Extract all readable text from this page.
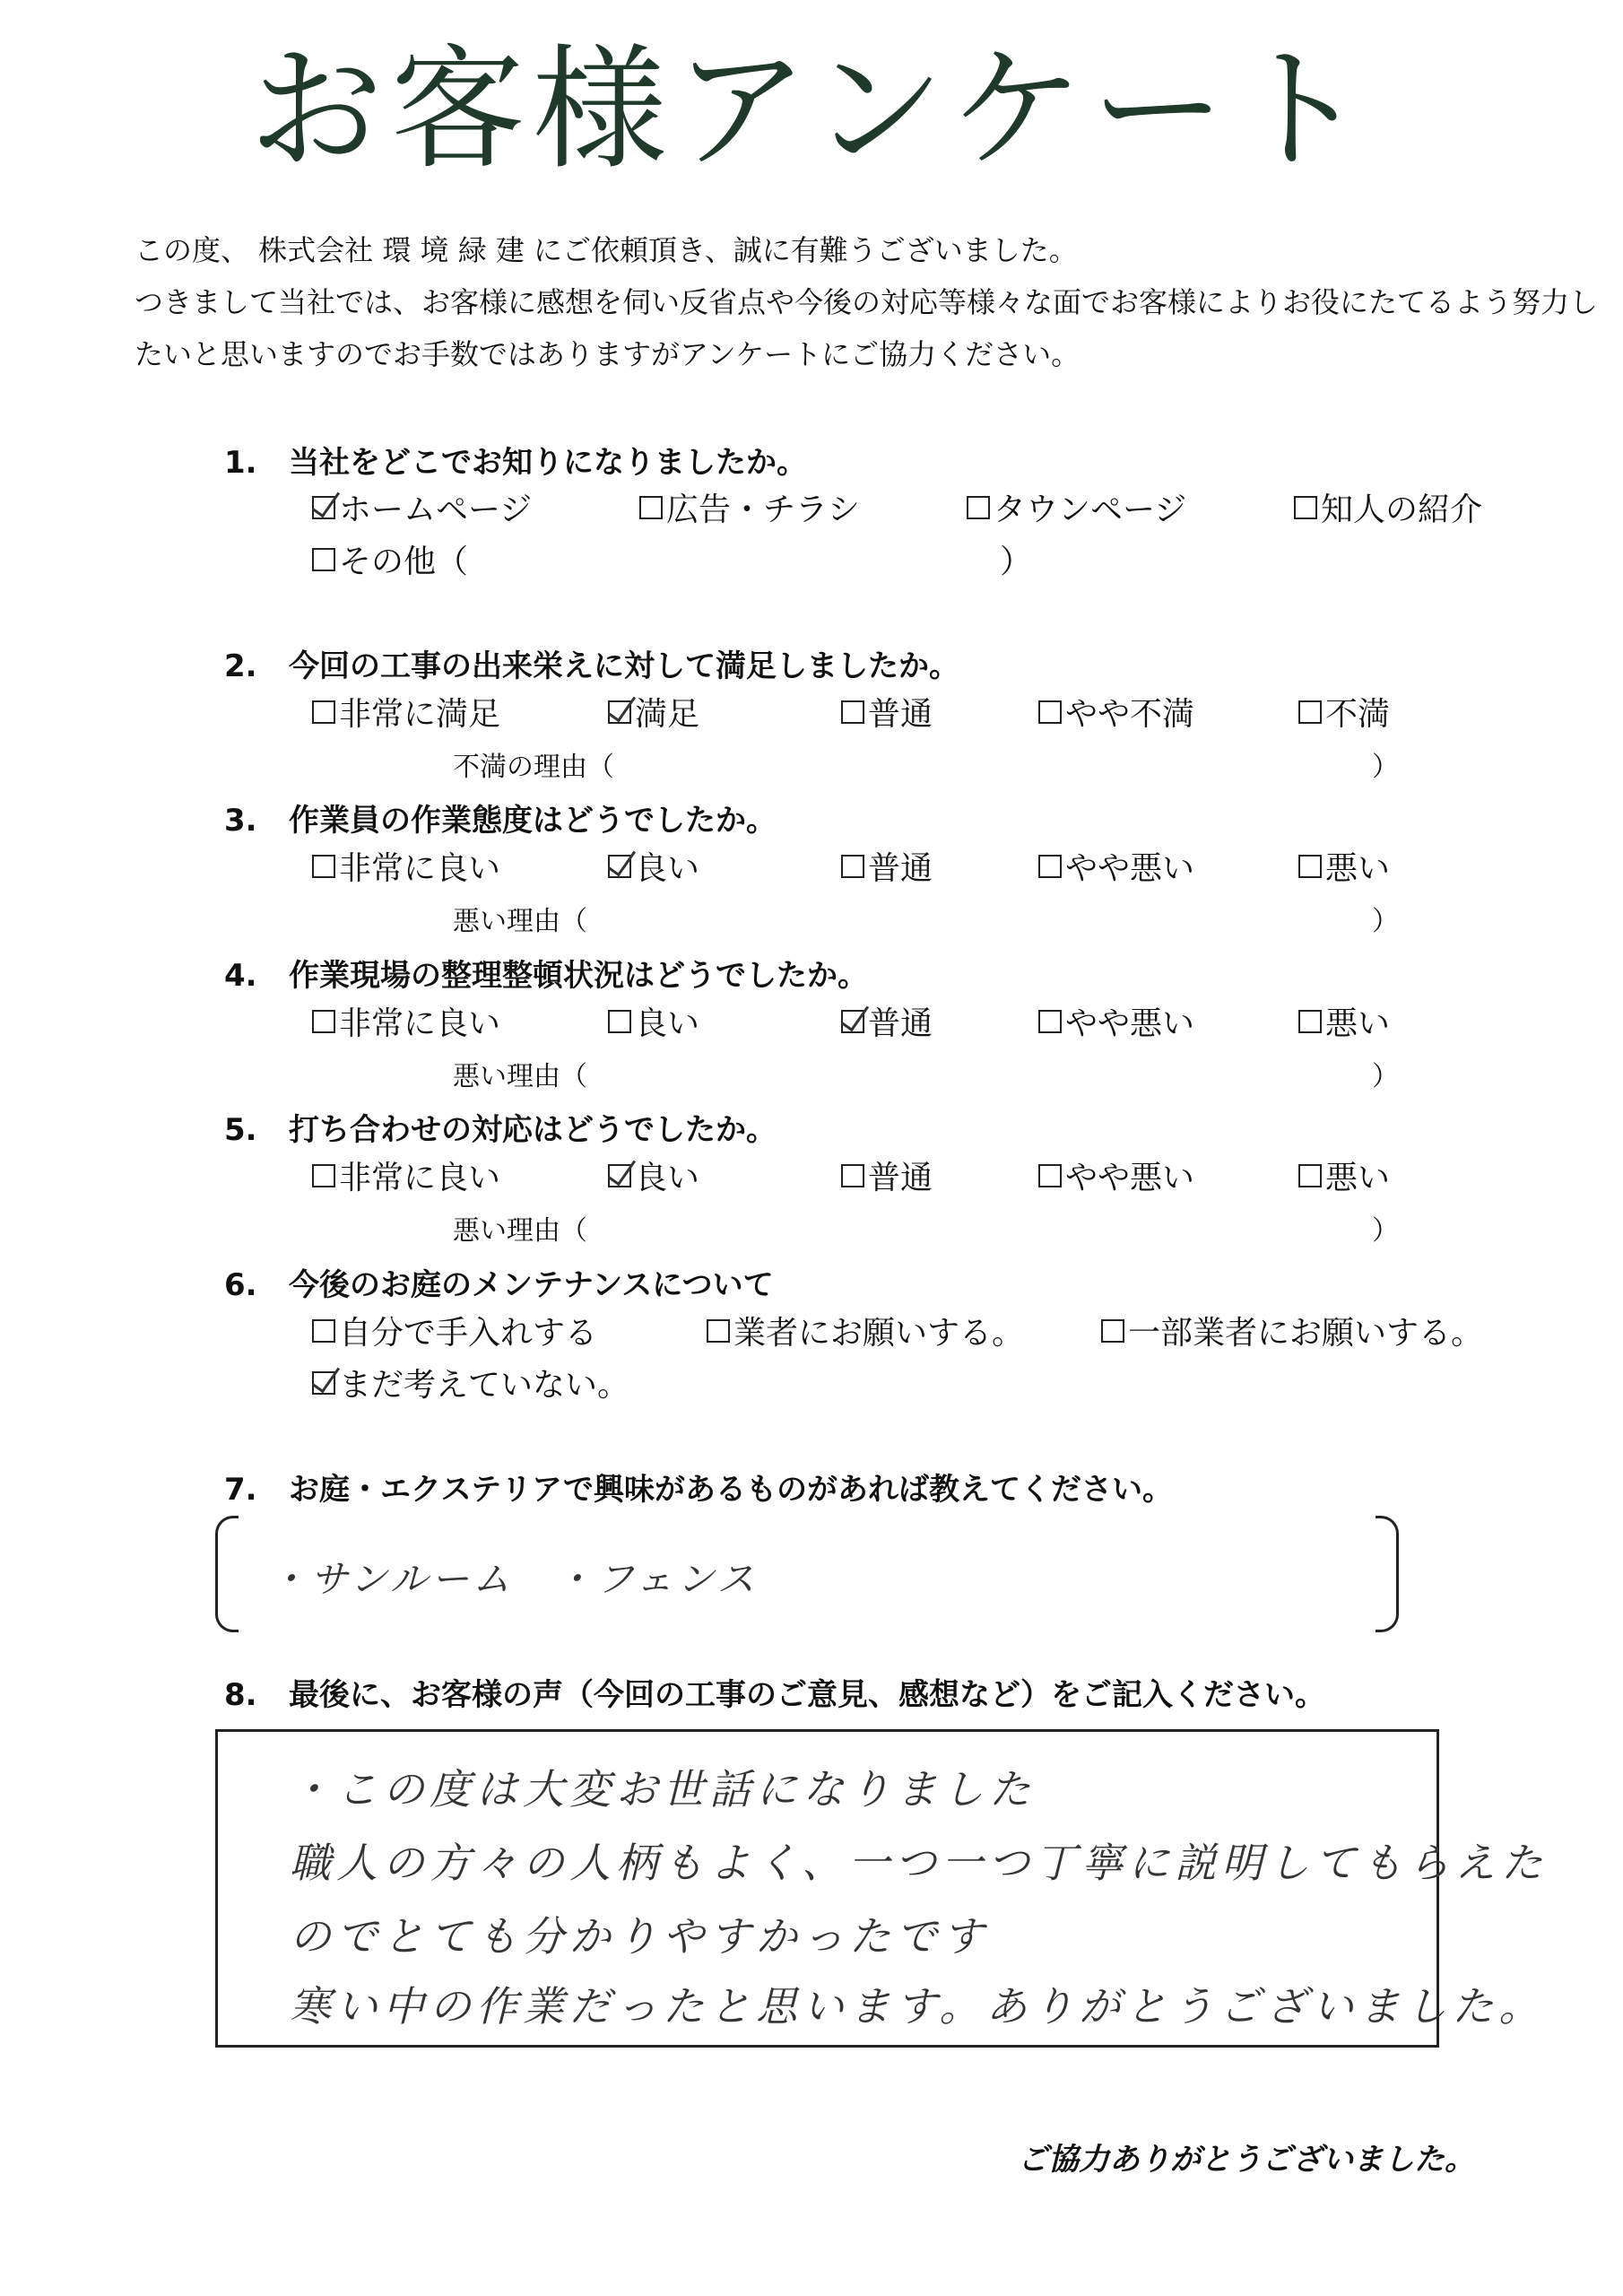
お客様アンケート
この度、 株式会社 環 境 緑 建 にご依頼頂き、誠に有難うございました。
つきまして当社では、お客様に感想を伺い反省点や今後の対応等様々な面でお客様によりお役にたてるよう努力し
たいと思いますのでお手数ではありますがアンケートにご協力ください。
1. 当社をどこでお知りになりましたか。
ホームページ	広告・チラシ	タウンページ	知人の紹介
その他（	）
2. 今回の工事の出来栄えに対して満足しましたか。
非常に満足	満足	普通	やや不満	不満
不満の理由（	）
3. 作業員の作業態度はどうでしたか。
非常に良い	良い	普通	やや悪い	悪い
悪い理由（	）
4. 作業現場の整理整頓状況はどうでしたか。
非常に良い	良い	普通	やや悪い	悪い
悪い理由（	）
5. 打ち合わせの対応はどうでしたか。
非常に良い	良い	普通	やや悪い	悪い
悪い理由（	）
6. 今後のお庭のメンテナンスについて
自分で手入れする	業者にお願いする。	一部業者にお願いする。
まだ考えていない。
7. お庭・エクステリアで興味があるものがあれば教えてください。
・サンルーム　・フェンス
8. 最後に、お客様の声（今回の工事のご意見、感想など）をご記入ください。
・この度は大変お世話になりました
職人の方々の人柄もよく、一つ一つ丁寧に説明してもらえた
のでとても分かりやすかったです
寒い中の作業だったと思います。ありがとうございました。
ご協力ありがとうございました。
